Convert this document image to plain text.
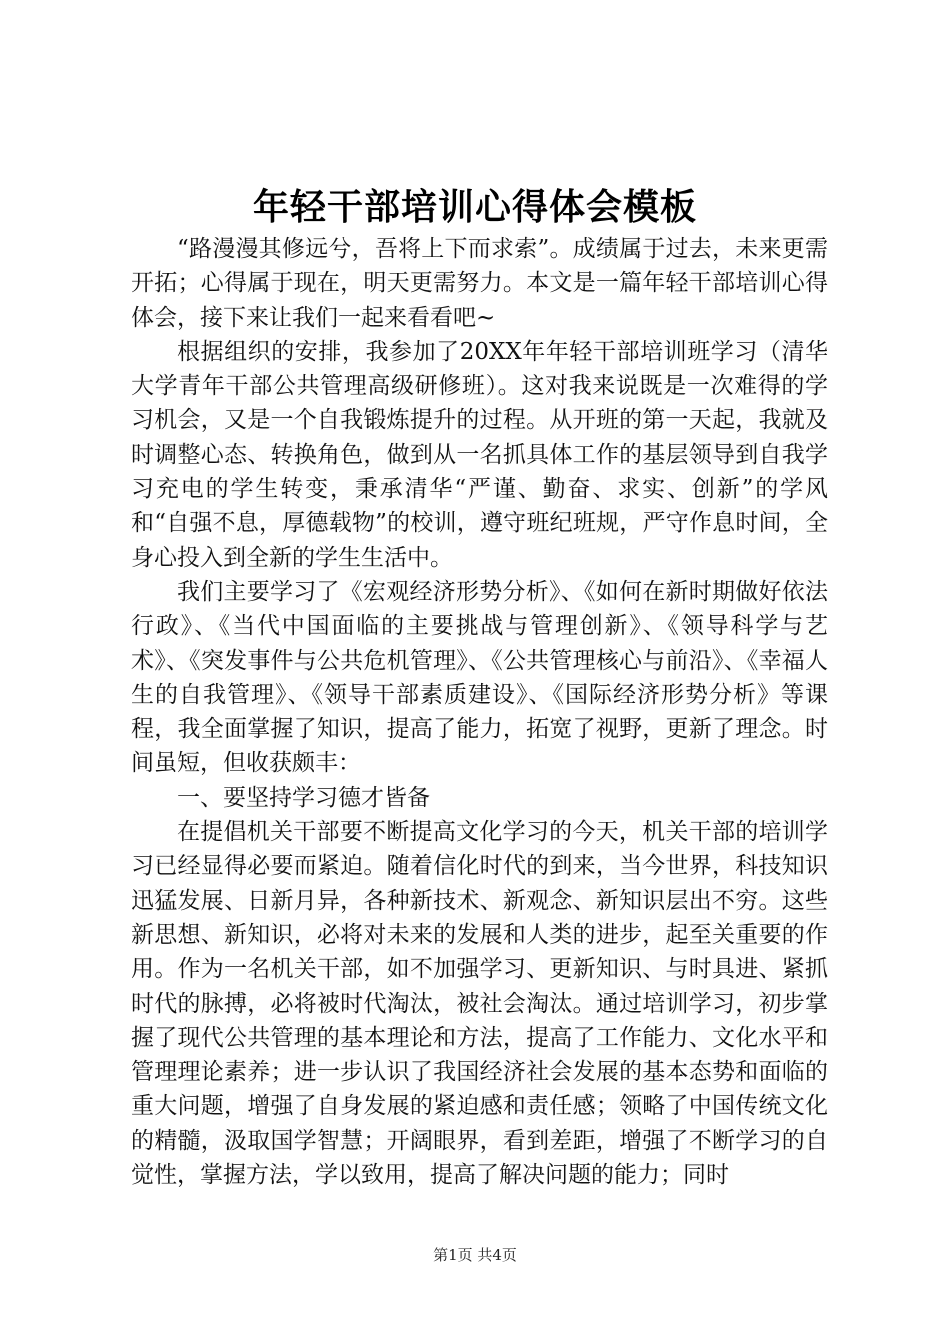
年轻干部培训心得体会模板

“路漫漫其修远兮，吾将上下而求索”。成绩属于过去，未来更需开拓；心得属于现在，明天更需努力。本文是一篇年轻干部培训心得体会，接下来让我们一起来看看吧~

根据组织的安排，我参加了20XX年年轻干部培训班学习（清华大学青年干部公共管理高级研修班）。这对我来说既是一次难得的学习机会，又是一个自我锻炼提升的过程。从开班的第一天起，我就及时调整心态、转换角色，做到从一名抓具体工作的基层领导到自我学习充电的学生转变，秉承清华“严谨、勤奋、求实、创新”的学风和“自强不息，厚德载物”的校训，遵守班纪班规，严守作息时间，全身心投入到全新的学生生活中。

我们主要学习了《宏观经济形势分析》、《如何在新时期做好依法行政》、《当代中国面临的主要挑战与管理创新》、《领导科学与艺术》、《突发事件与公共危机管理》、《公共管理核心与前沿》、《幸福人生的自我管理》、《领导干部素质建设》、《国际经济形势分析》等课程，我全面掌握了知识，提高了能力，拓宽了视野，更新了理念。时间虽短，但收获颇丰：

一、要坚持学习德才皆备

在提倡机关干部要不断提高文化学习的今天，机关干部的培训学习已经显得必要而紧迫。随着信化时代的到来，当今世界，科技知识迅猛发展、日新月异，各种新技术、新观念、新知识层出不穷。这些新思想、新知识，必将对未来的发展和人类的进步，起至关重要的作用。作为一名机关干部，如不加强学习、更新知识、与时具进、紧抓时代的脉搏，必将被时代淘汰，被社会淘汰。通过培训学习，初步掌握了现代公共管理的基本理论和方法，提高了工作能力、文化水平和管理理论素养；进一步认识了我国经济社会发展的基本态势和面临的重大问题，增强了自身发展的紧迫感和责任感；领略了中国传统文化的精髓，汲取国学智慧；开阔眼界，看到差距，增强了不断学习的自觉性，掌握方法，学以致用，提高了解决问题的能力；同时

第1页 共4页
